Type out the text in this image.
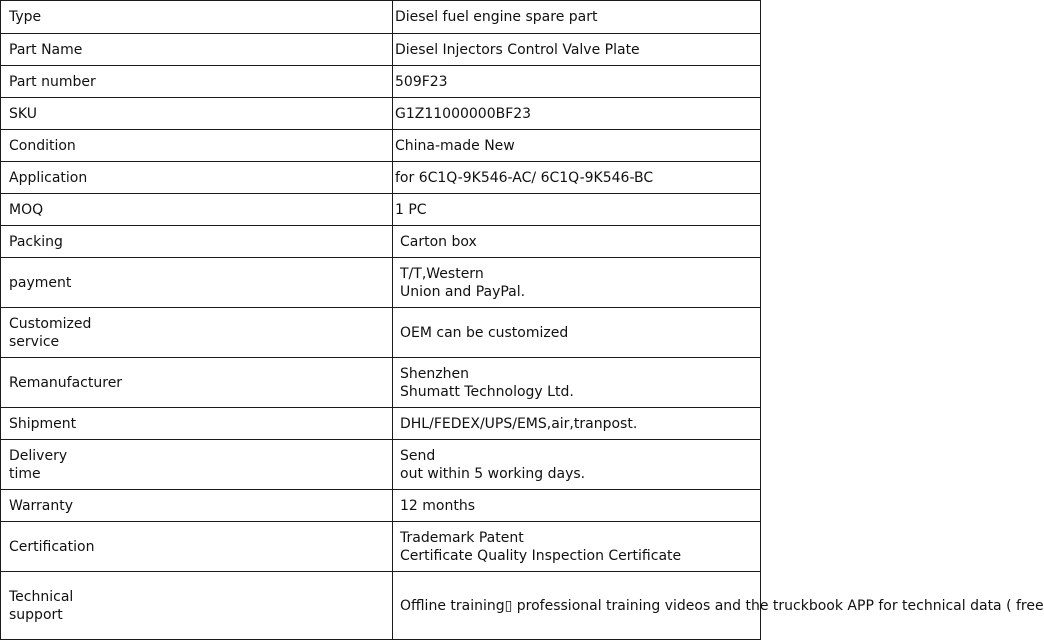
Type	Diesel fuel engine spare part
Part Name	Diesel Injectors Control Valve Plate
Part number	509F23
SKU	G1Z11000000BF23
Condition	China-made New
Application	for 6C1Q-9K546-AC/ 6C1Q-9K546-BC
MOQ	1 PC
Packing	Carton box
payment	T/T,Western
Union and PayPal.
Customized
service	OEM can be customized
Remanufacturer	Shenzhen
Shumatt Technology Ltd.
Shipment	DHL/FEDEX/UPS/EMS,air,tranpost.
Delivery
time	Send
out within 5 working days.
Warranty	12 months
Certification	Trademark Patent
Certificate Quality Inspection Certificate
Technical
support	Offline training▯ professional training videos and the truckbook APP for technical data ( free
